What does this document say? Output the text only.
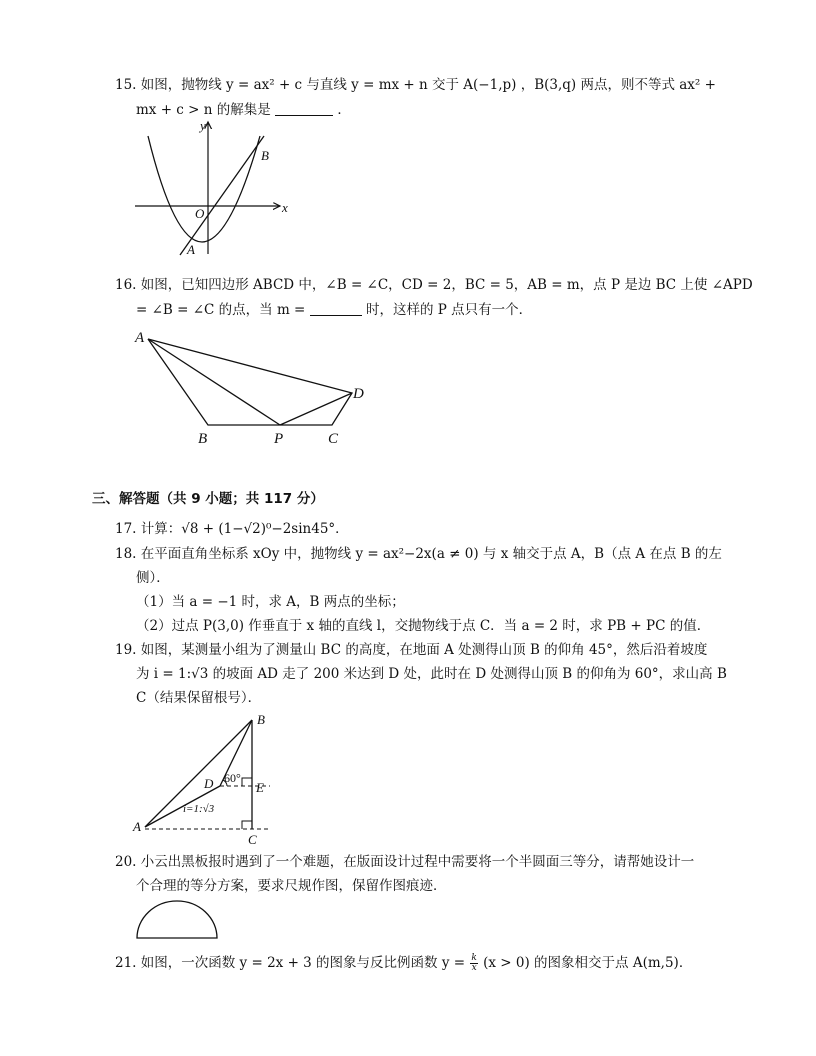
15. 如图，抛物线 y = ax² + c 与直线 y = mx + n 交于 A(−1,p) ，B(3,q) 两点，则不等式 ax² +
mx + c > n 的解集是	．
y
x
O
A
B
16. 如图，已知四边形 ABCD 中，∠B = ∠C，CD = 2，BC = 5，AB = m，点 P 是边 BC 上使 ∠APD
= ∠B = ∠C 的点，当 m =	时，这样的 P 点只有一个．
A
B	P	C
D
三、解答题（共 9 小题；共 117 分）
17. 计算：√8 + (1−√2)⁰−2sin45°．
18. 在平面直角坐标系 xOy 中，抛物线 y = ax²−2x(a ≠ 0) 与 x 轴交于点 A，B（点 A 在点 B 的左
侧）．
（1）当 a = −1 时，求 A，B 两点的坐标；
（2）过点 P(3,0) 作垂直于 x 轴的直线 l，交抛物线于点 C．当 a = 2 时，求 PB + PC 的值．
19. 如图，某测量小组为了测量山 BC 的高度，在地面 A 处测得山顶 B 的仰角 45°，然后沿着坡度
为 i = 1:√3 的坡面 AD 走了 200 米达到 D 处，此时在 D 处测得山顶 B 的仰角为 60°，求山高 B
C（结果保留根号）．
B
D 60°
E
i=1:√3
A
C
20. 小云出黑板报时遇到了一个难题，在版面设计过程中需要将一个半圆面三等分，请帮她设计一
个合理的等分方案，要求尺规作图，保留作图痕迹．
21. 如图，一次函数 y = 2x + 3 的图象与反比例函数 $y = \frac{k}{x} (x > 0)$ 的图象相交于点 A(m,5)．
